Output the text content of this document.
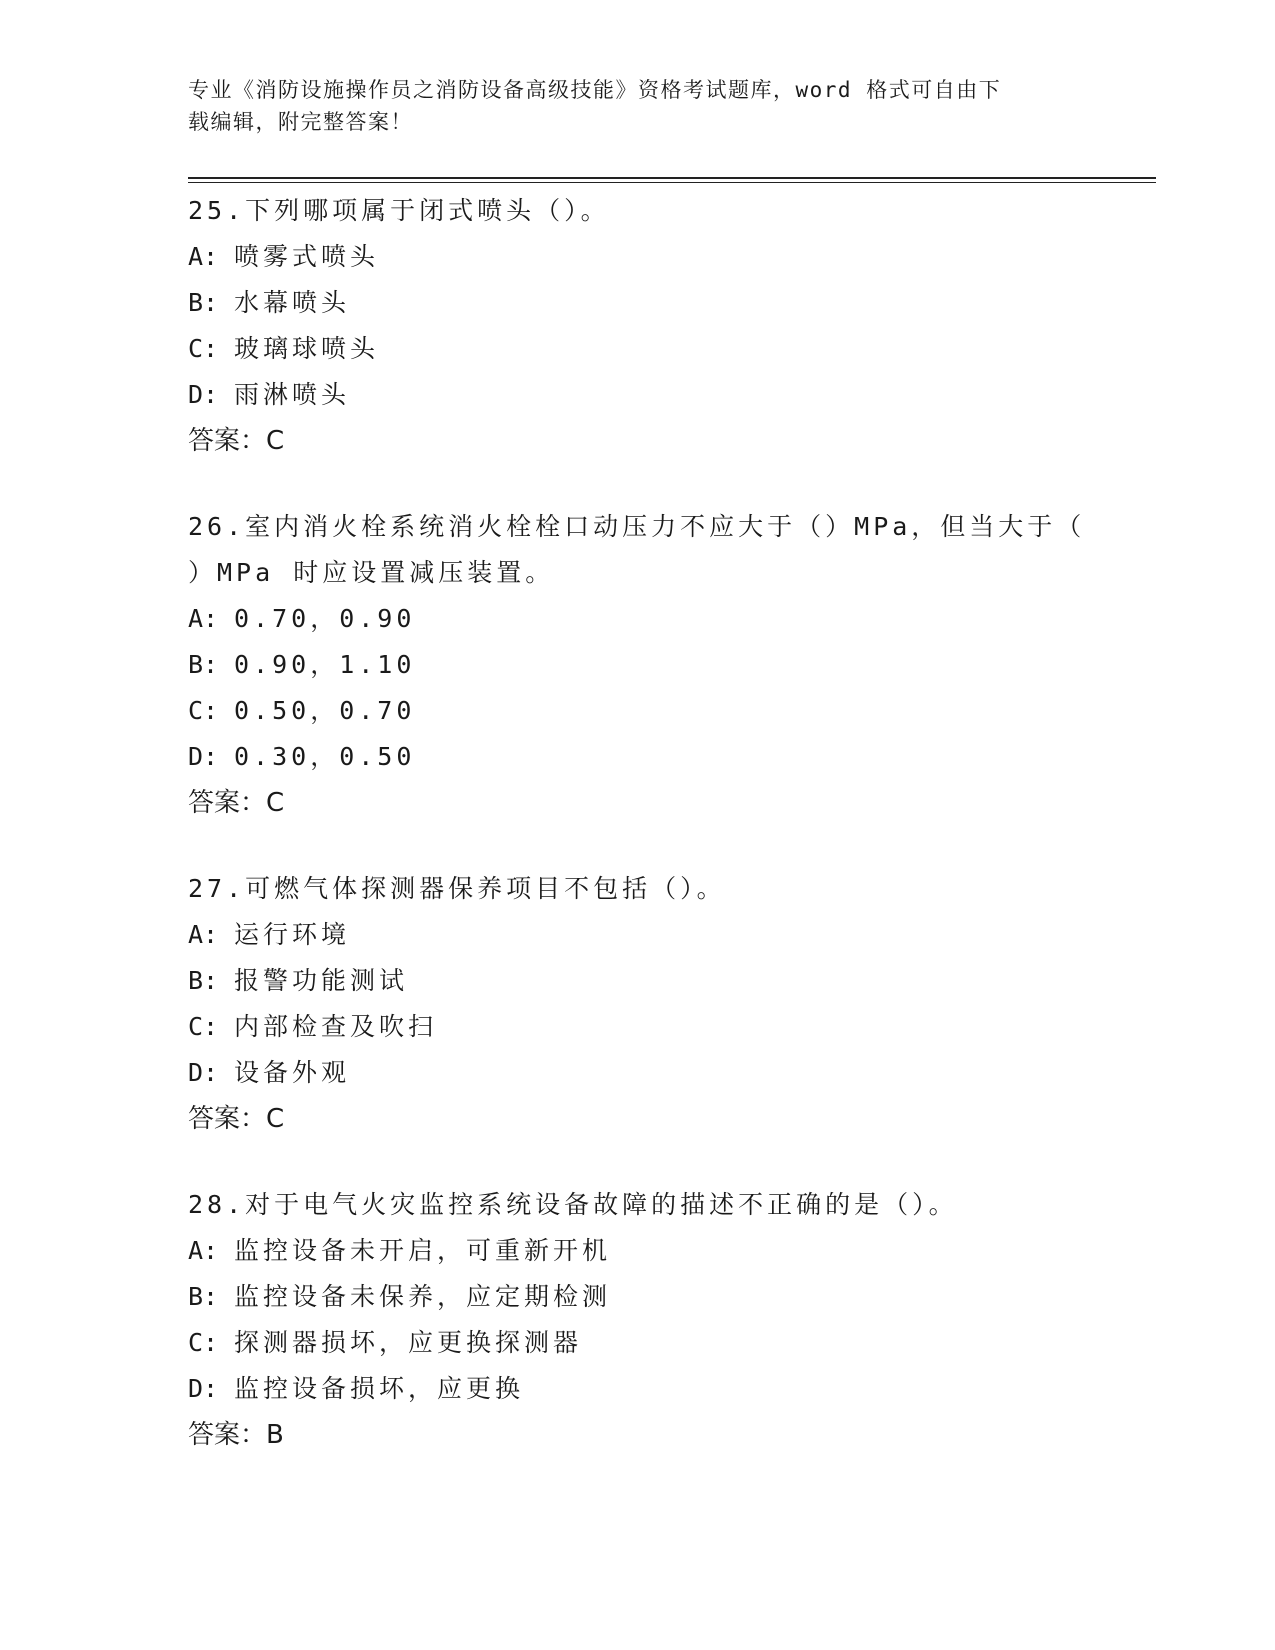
专业《消防设施操作员之消防设备高级技能》资格考试题库，word 格式可自由下
载编辑，附完整答案！
25.下列哪项属于闭式喷头（）。
A: 喷雾式喷头
B: 水幕喷头
C: 玻璃球喷头
D: 雨淋喷头
答案：C
26.室内消火栓系统消火栓栓口动压力不应大于（）MPa，但当大于（
）MPa 时应设置减压装置。
A: 0.70，0.90
B: 0.90，1.10
C: 0.50，0.70
D: 0.30，0.50
答案：C
27.可燃气体探测器保养项目不包括（）。
A: 运行环境
B: 报警功能测试
C: 内部检查及吹扫
D: 设备外观
答案：C
28.对于电气火灾监控系统设备故障的描述不正确的是（）。
A: 监控设备未开启，可重新开机
B: 监控设备未保养，应定期检测
C: 探测器损坏，应更换探测器
D: 监控设备损坏，应更换
答案：B
